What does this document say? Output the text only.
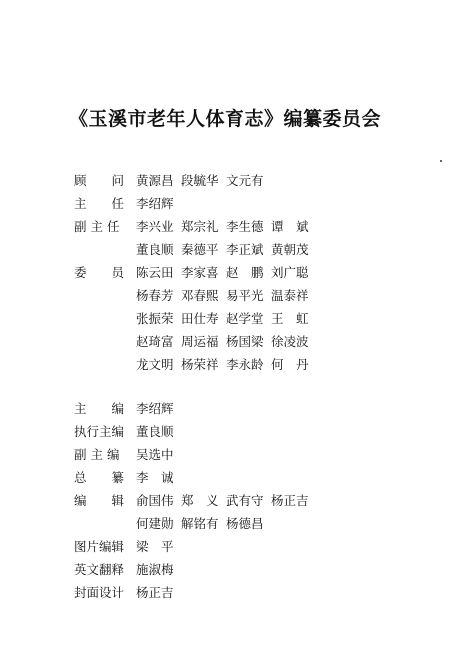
《玉溪市老年人体育志》编纂委员会
顾　　问 黄源昌 段毓华 文元有
主　　任 李绍辉
副 主 任	李兴业 郑宗礼 李生德 谭　斌
董良顺 秦德平 李正斌 黄朝茂
委　　员 陈云田 李家喜 赵　鹏 刘广聪
杨春芳 邓春熙 易平光 温泰祥
张振荣 田仕寿 赵学堂 王　虹
赵琦富 周运福 杨国梁 徐凌波
龙文明 杨荣祥 李永龄 何　丹
主　　编 李绍辉
执行主编 董良顺
副 主 编	吴选中
总　　纂 李　诚
编　　辑 俞国伟 郑　义 武有守 杨正吉
何建勋 解铭有 杨德昌
图片编辑 梁　平
英文翻释 施淑梅
封面设计 杨正吉
